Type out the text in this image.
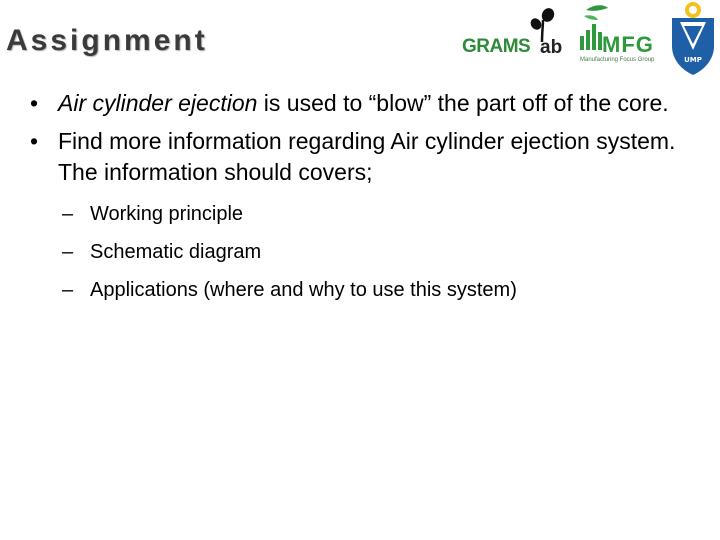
Assignment	GRAMS ab MFG
Manufacturing Focus Group	UMP
• Air cylinder ejection is used to “blow” the part off of the core.
• Find more information regarding Air cylinder ejection system. The information should covers;
– Working principle
– Schematic diagram
– Applications (where and why to use this system)
